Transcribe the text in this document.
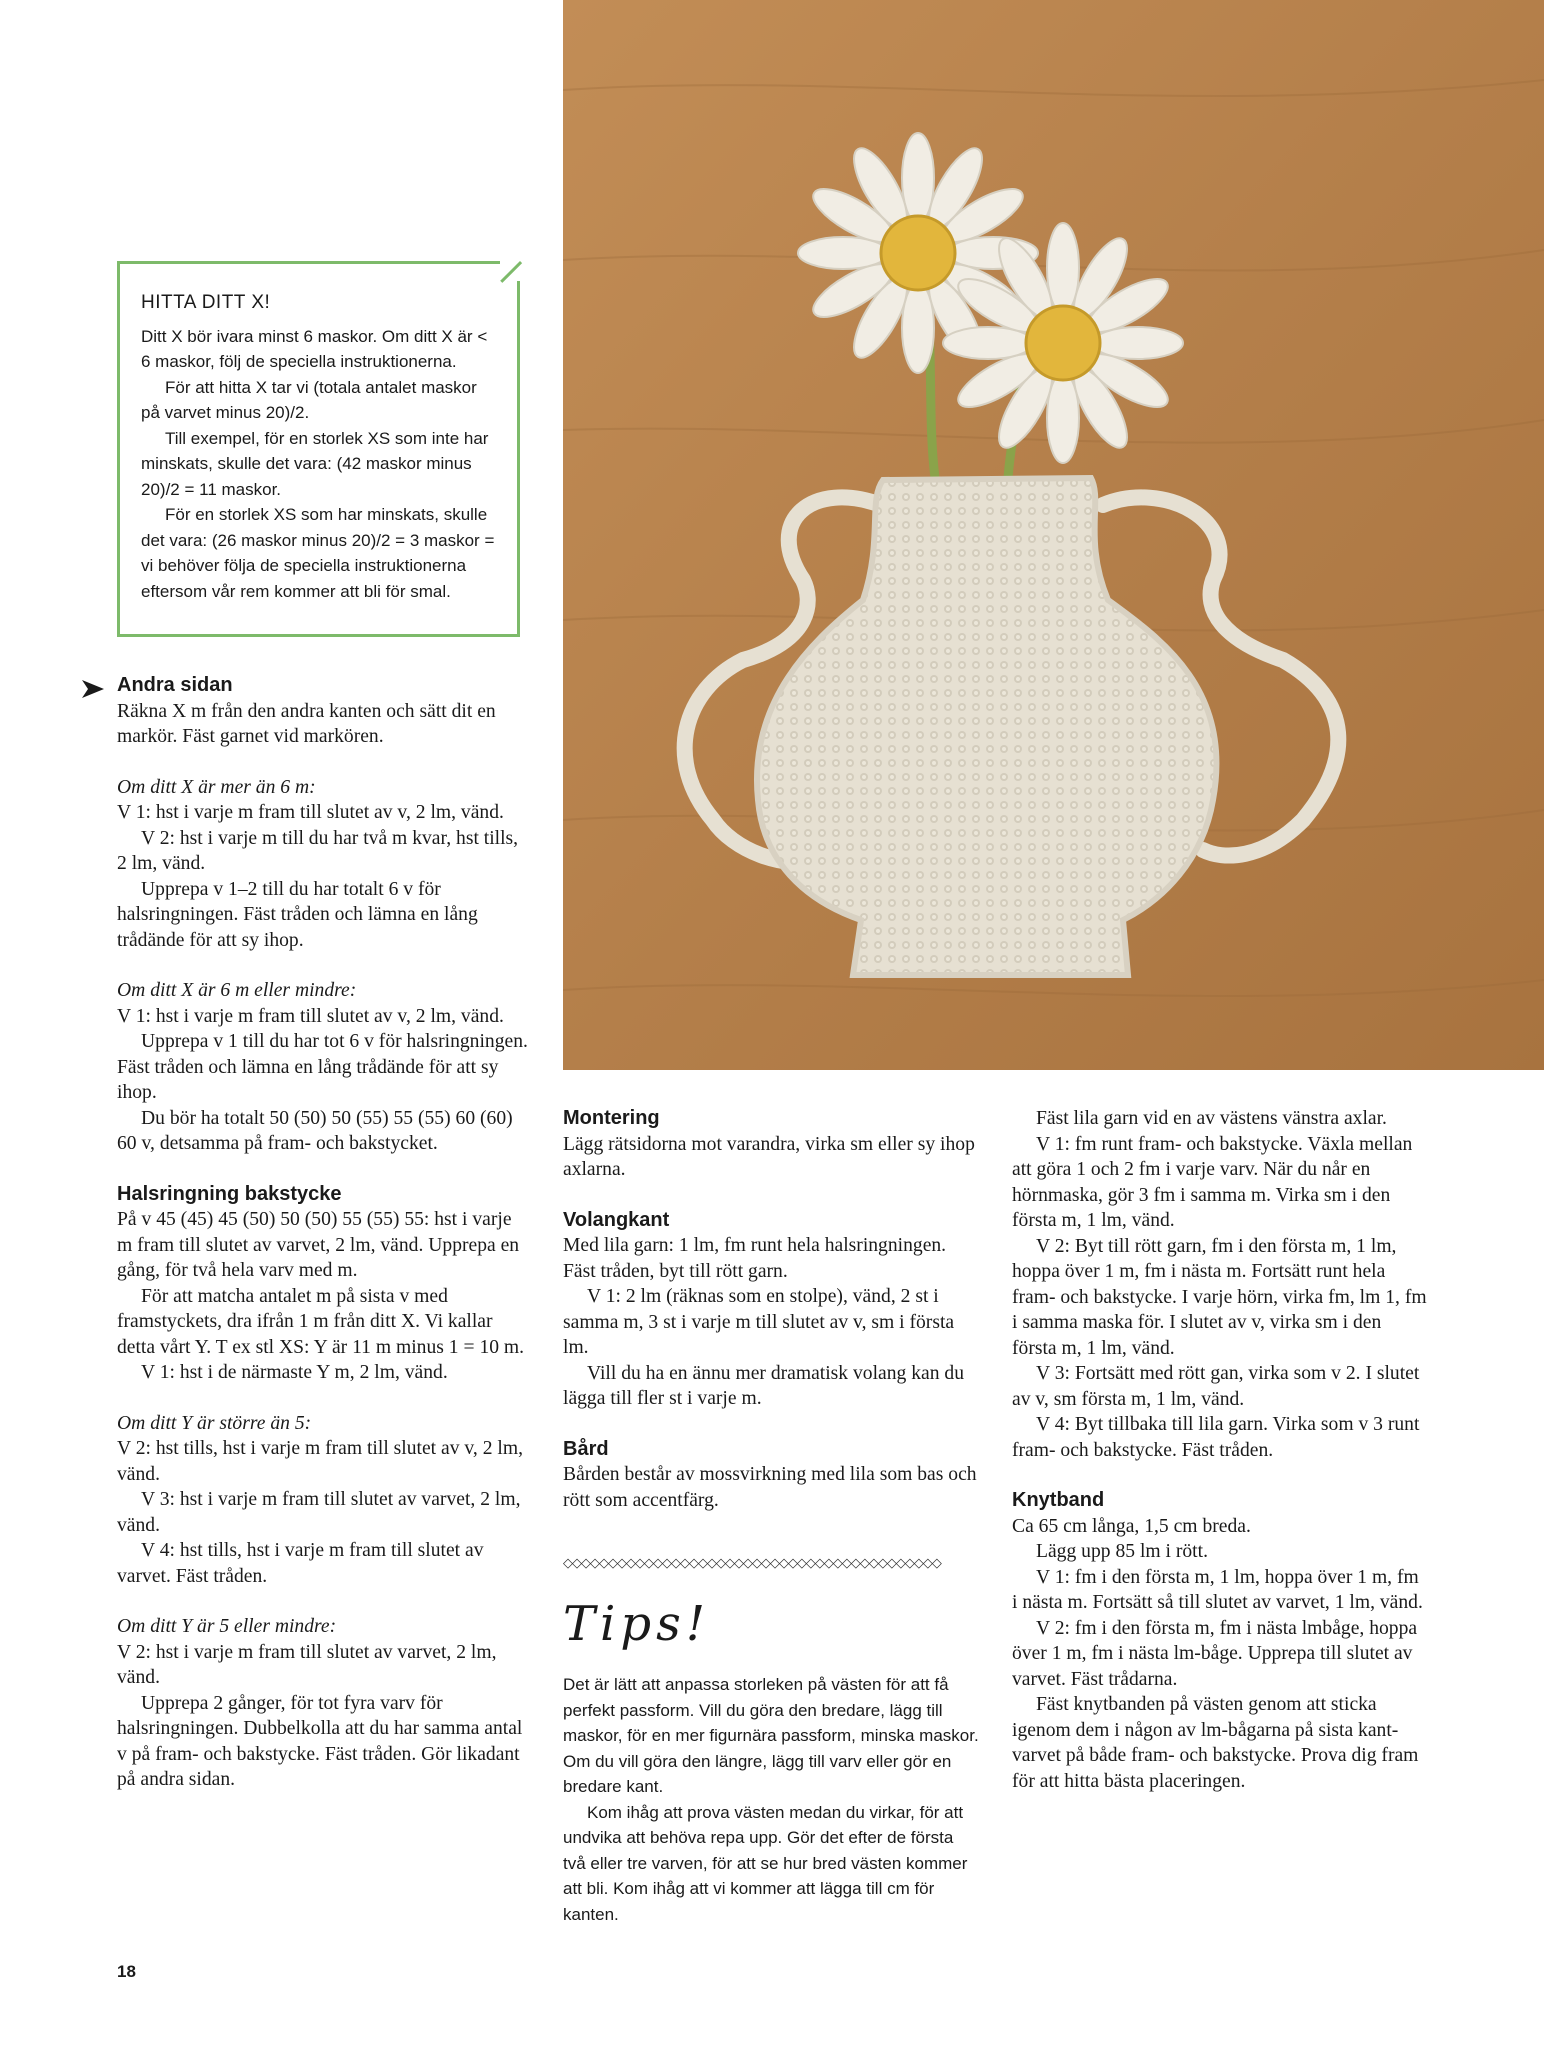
HITTA DITT X!

Ditt X bör ivara minst 6 maskor. Om ditt X är < 6 maskor, följ de speciella instruktionerna.

För att hitta X tar vi (totala antalet maskor på varvet minus 20)/2.

Till exempel, för en storlek XS som inte har minskats, skulle det vara: (42 maskor minus 20)/2 = 11 maskor.

För en storlek XS som har minskats, skulle det vara: (26 maskor minus 20)/2 = 3 maskor = vi behöver följa de speciella instruktionerna eftersom vår rem kommer att bli för smal.

Andra sidan

Räkna X m från den andra kanten och sätt dit en markör. Fäst garnet vid markören.

Om ditt X är mer än 6 m:

V 1: hst i varje m fram till slutet av v, 2 lm, vänd.

V 2: hst i varje m till du har två m kvar, hst tills, 2 lm, vänd.

Upprepa v 1–2 till du har totalt 6 v för halsringningen. Fäst tråden och lämna en lång trådände för att sy ihop.

Om ditt X är 6 m eller mindre:

V 1: hst i varje m fram till slutet av v, 2 lm, vänd.

Upprepa v 1 till du har tot 6 v för halsringningen. Fäst tråden och lämna en lång trådände för att sy ihop.

Du bör ha totalt 50 (50) 50 (55) 55 (55) 60 (60) 60 v, detsamma på fram- och bakstycket.

Halsringning bakstycke

På v 45 (45) 45 (50) 50 (50) 55 (55) 55: hst i varje m fram till slutet av varvet, 2 lm, vänd. Upprepa en gång, för två hela varv med m.

För att matcha antalet m på sista v med framstyckets, dra ifrån 1 m från ditt X. Vi kallar detta vårt Y. T ex stl XS: Y är 11 m minus 1 = 10 m.

V 1: hst i de närmaste Y m, 2 lm, vänd.

Om ditt Y är större än 5:

V 2: hst tills, hst i varje m fram till slutet av v, 2 lm, vänd.

V 3: hst i varje m fram till slutet av varvet, 2 lm, vänd.

V 4: hst tills, hst i varje m fram till slutet av varvet. Fäst tråden.

Om ditt Y är 5 eller mindre:

V 2: hst i varje m fram till slutet av varvet, 2 lm, vänd.

Upprepa 2 gånger, för tot fyra varv för halsringningen. Dubbelkolla att du har samma antal v på fram- och bakstycke. Fäst tråden. Gör likadant på andra sidan.

Montering

Lägg rätsidorna mot varandra, virka sm eller sy ihop axlarna.

Volangkant

Med lila garn: 1 lm, fm runt hela halsringningen. Fäst tråden, byt till rött garn.

V 1: 2 lm (räknas som en stolpe), vänd, 2 st i samma m, 3 st i varje m till slutet av v, sm i första lm.

Vill du ha en ännu mer dramatisk volang kan du lägga till fler st i varje m.

Bård

Bården består av mossvirkning med lila som bas och rött som accentfärg.

◇◇◇◇◇◇◇◇◇◇◇◇◇◇◇◇◇◇◇◇◇◇◇◇◇◇◇◇◇◇◇◇◇◇◇◇◇◇◇◇◇◇
Tips!

Det är lätt att anpassa storleken på västen för att få perfekt passform. Vill du göra den bredare, lägg till maskor, för en mer figurnära passform, minska maskor. Om du vill göra den längre, lägg till varv eller gör en bredare kant.

Kom ihåg att prova västen medan du virkar, för att undvika att behöva repa upp. Gör det efter de första två eller tre varven, för att se hur bred västen kommer att bli. Kom ihåg att vi kommer att lägga till cm för kanten.

Fäst lila garn vid en av västens vänstra axlar.

V 1: fm runt fram- och bakstycke. Växla mellan att göra 1 och 2 fm i varje varv. När du når en hörnmaska, gör 3 fm i samma m. Virka sm i den första m, 1 lm, vänd.

V 2: Byt till rött garn, fm i den första m, 1 lm, hoppa över 1 m, fm i nästa m. Fortsätt runt hela fram- och bakstycke. I varje hörn, virka fm, lm 1, fm i samma maska för. I slutet av v, virka sm i den första m, 1 lm, vänd.

V 3: Fortsätt med rött gan, virka som v 2. I slutet av v, sm första m, 1 lm, vänd.

V 4: Byt tillbaka till lila garn. Virka som v 3 runt fram- och bakstycke. Fäst tråden.

Knytband

Ca 65 cm långa, 1,5 cm breda.

Lägg upp 85 lm i rött.

V 1: fm i den första m, 1 lm, hoppa över 1 m, fm i nästa m. Fortsätt så till slutet av varvet, 1 lm, vänd.

V 2: fm i den första m, fm i nästa lmbåge, hoppa över 1 m, fm i nästa lm-båge. Upprepa till slutet av varvet. Fäst trådarna.

Fäst knytbanden på västen genom att sticka igenom dem i någon av lm-bågarna på sista kant-varvet på både fram- och bakstycke. Prova dig fram för att hitta bästa placeringen.

18
